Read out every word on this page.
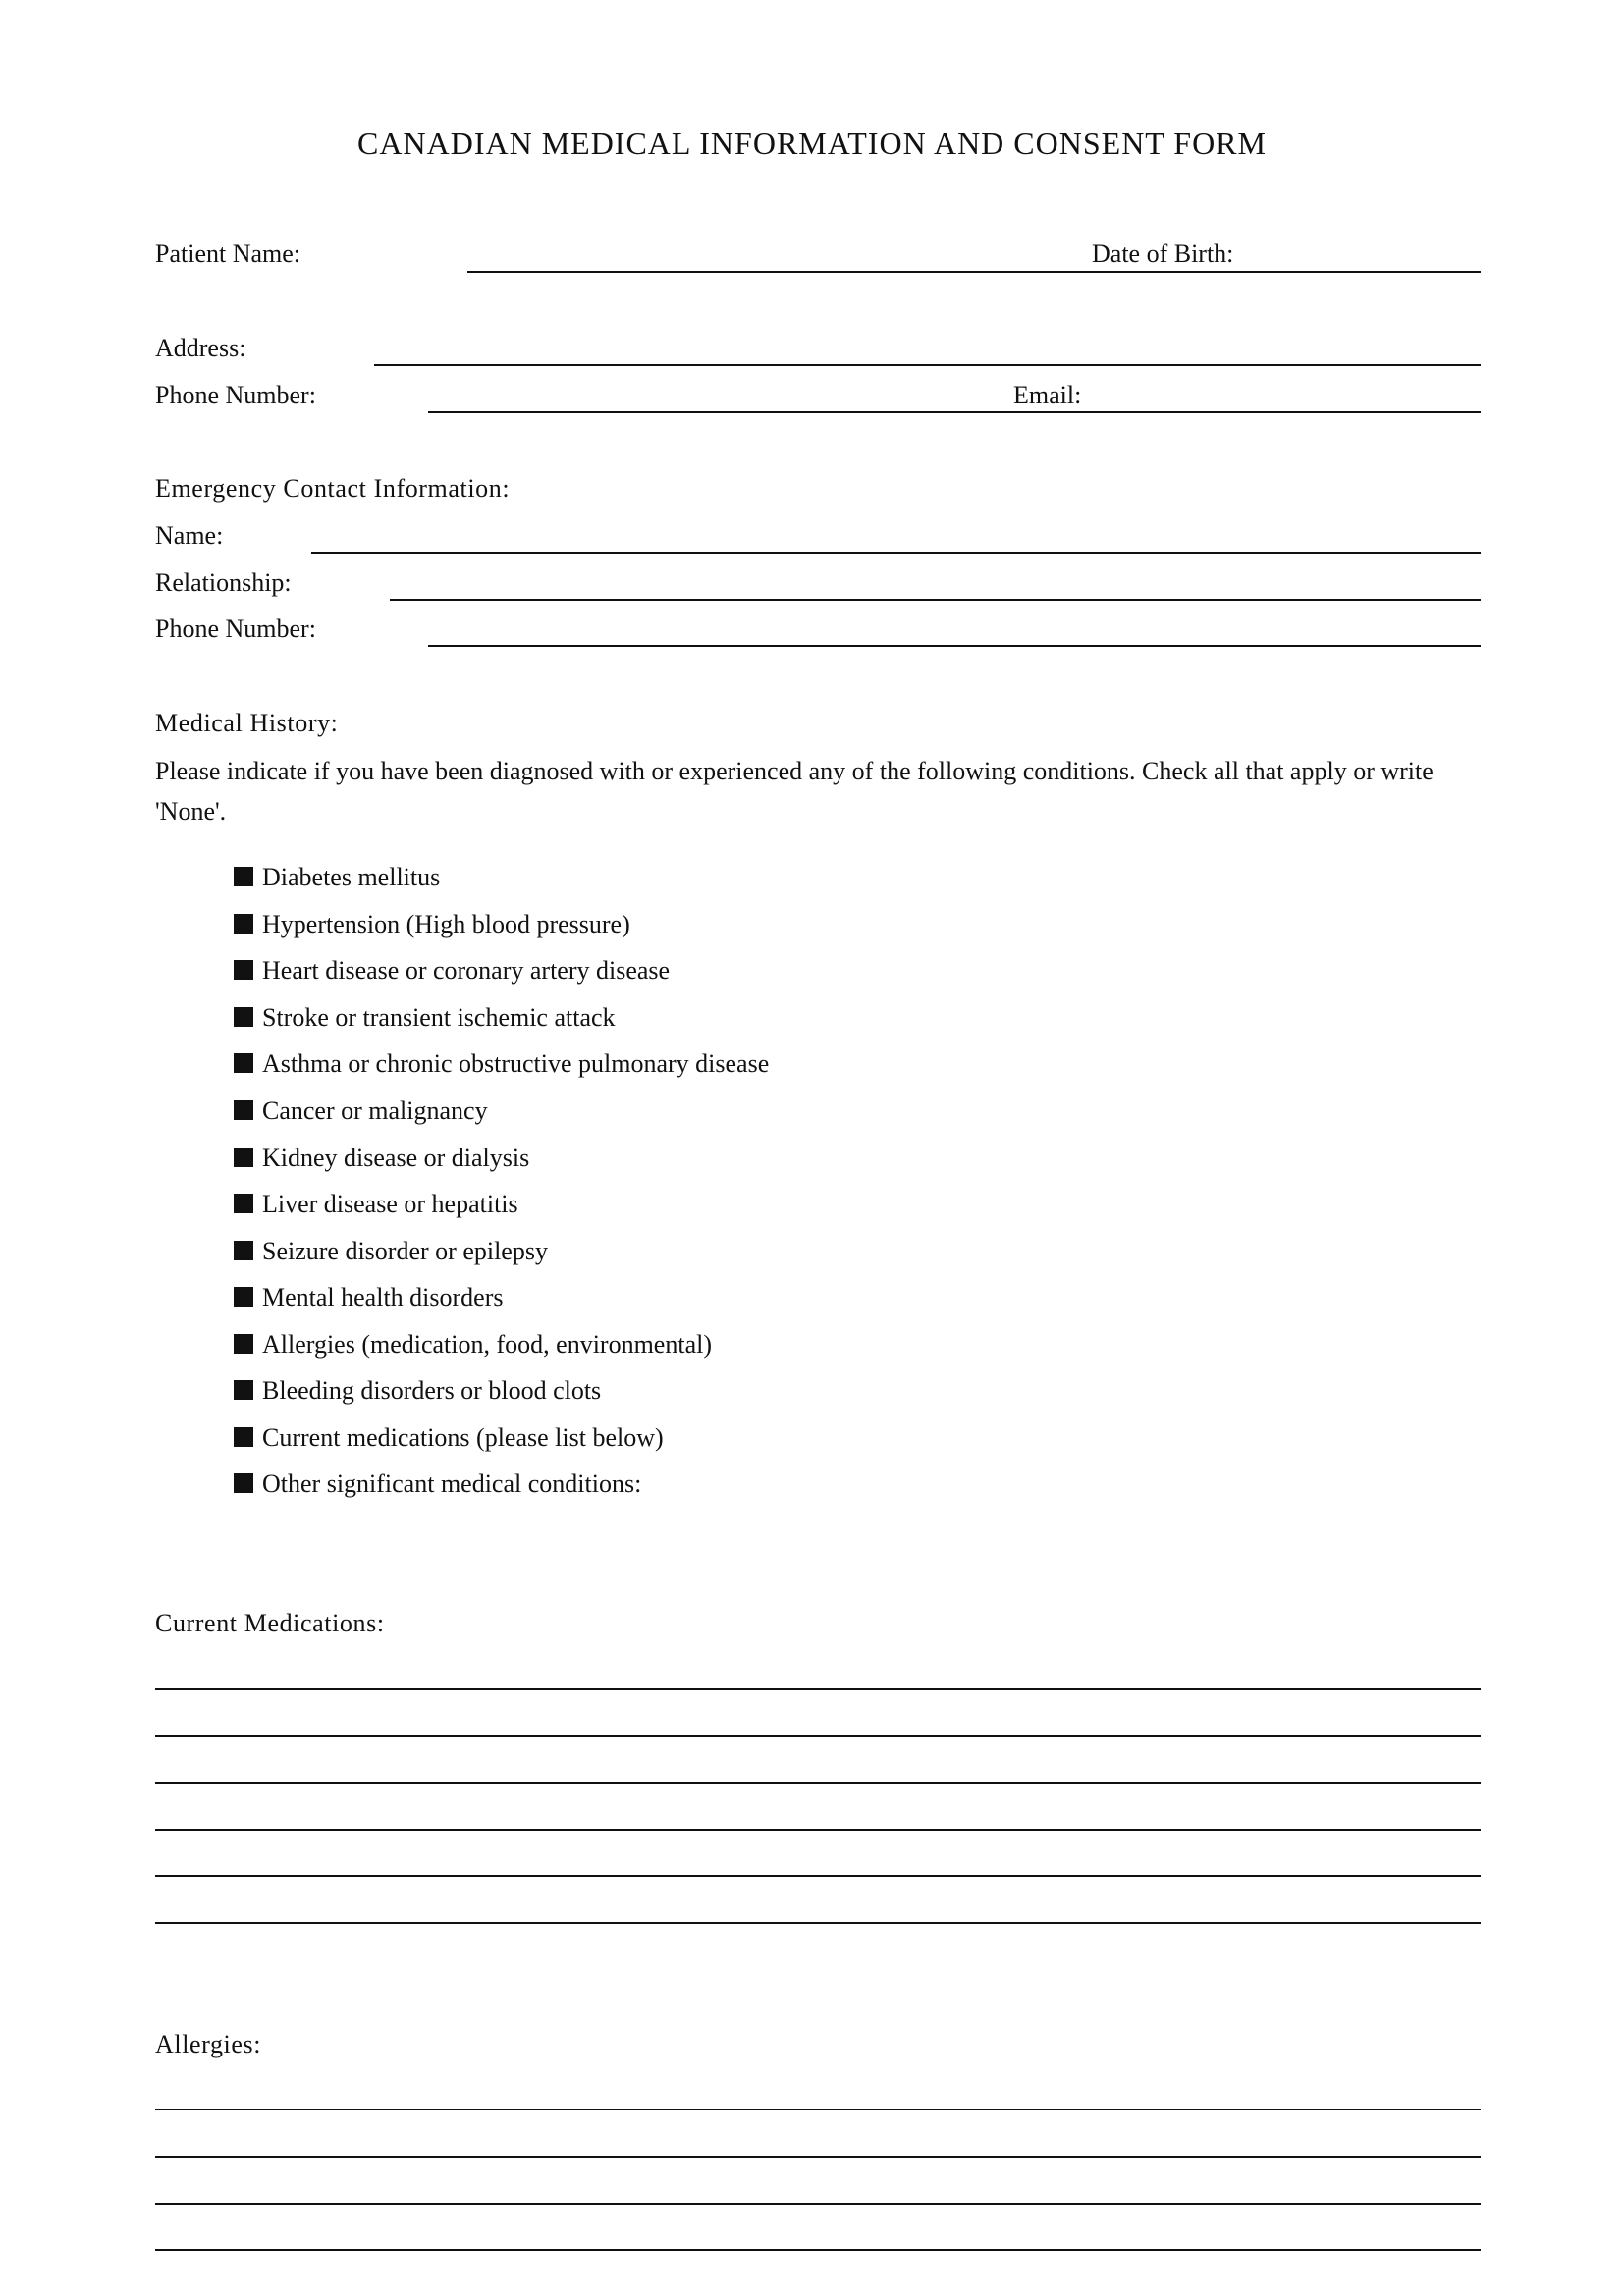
CANADIAN MEDICAL INFORMATION AND CONSENT FORM
Patient Name:	Date of Birth:
Address:
Phone Number:	Email:
Emergency Contact Information:
Name:
Relationship:
Phone Number:
Medical History:
Please indicate if you have been diagnosed with or experienced any of the following conditions. Check all that apply or write 'None'.
Diabetes mellitus
Hypertension (High blood pressure)
Heart disease or coronary artery disease
Stroke or transient ischemic attack
Asthma or chronic obstructive pulmonary disease
Cancer or malignancy
Kidney disease or dialysis
Liver disease or hepatitis
Seizure disorder or epilepsy
Mental health disorders
Allergies (medication, food, environmental)
Bleeding disorders or blood clots
Current medications (please list below)
Other significant medical conditions:
Current Medications:
Allergies:
